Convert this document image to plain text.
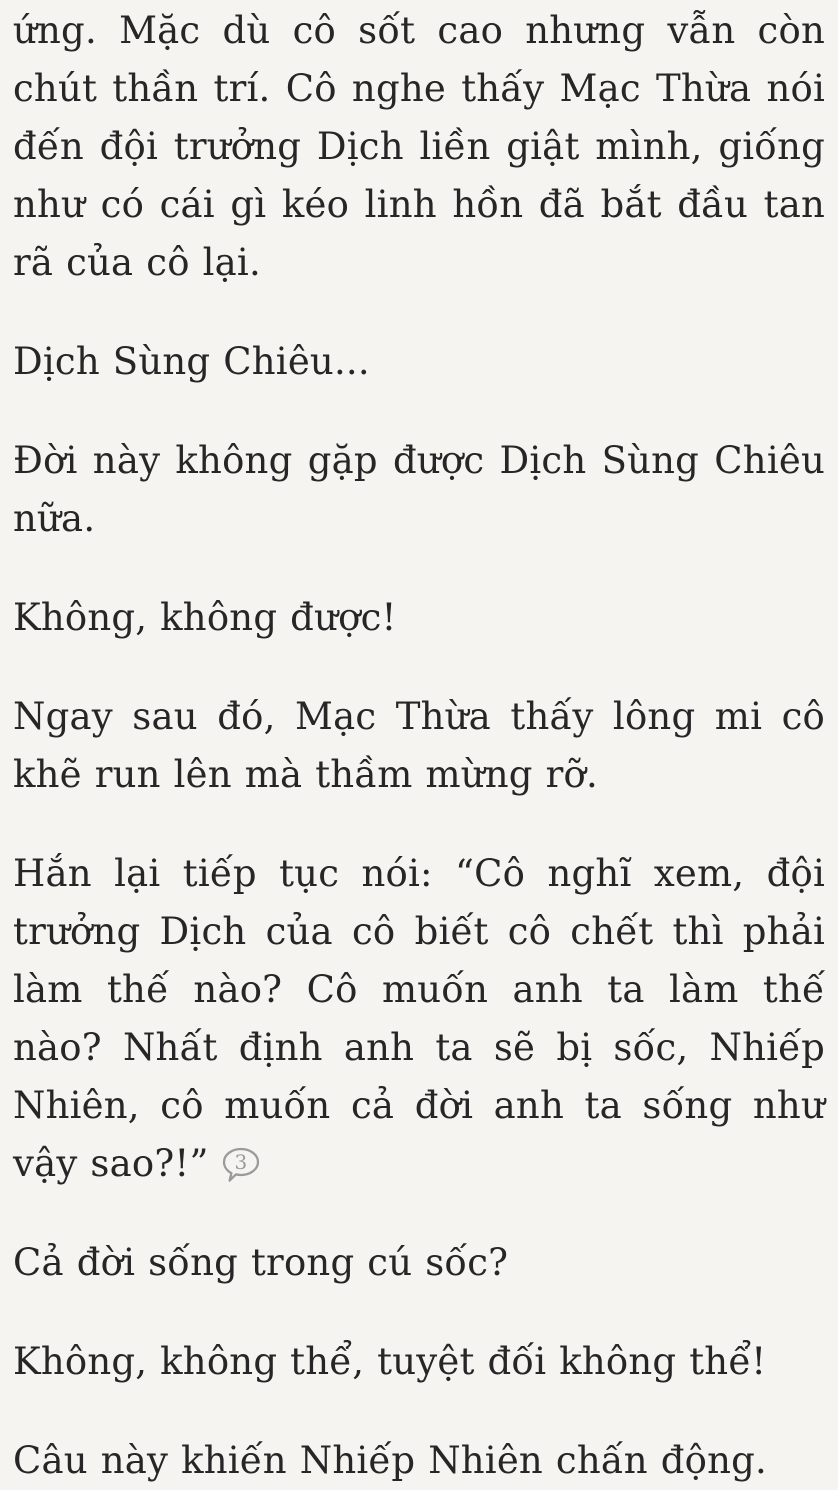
ứng. Mặc dù cô sốt cao nhưng vẫn còn chút thần trí. Cô nghe thấy Mạc Thừa nói đến đội trưởng Dịch liền giật mình, giống như có cái gì kéo linh hồn đã bắt đầu tan rã của cô lại.

Dịch Sùng Chiêu...

Đời này không gặp được Dịch Sùng Chiêu nữa.

Không, không được!

Ngay sau đó, Mạc Thừa thấy lông mi cô khẽ run lên mà thầm mừng rỡ.

Hắn lại tiếp tục nói: “Cô nghĩ xem, đội trưởng Dịch của cô biết cô chết thì phải làm thế nào? Cô muốn anh ta làm thế nào? Nhất định anh ta sẽ bị sốc, Nhiếp Nhiên, cô muốn cả đời anh ta sống như vậy sao?!” 3

Cả đời sống trong cú sốc?

Không, không thể, tuyệt đối không thể!

Câu này khiến Nhiếp Nhiên chấn động.
